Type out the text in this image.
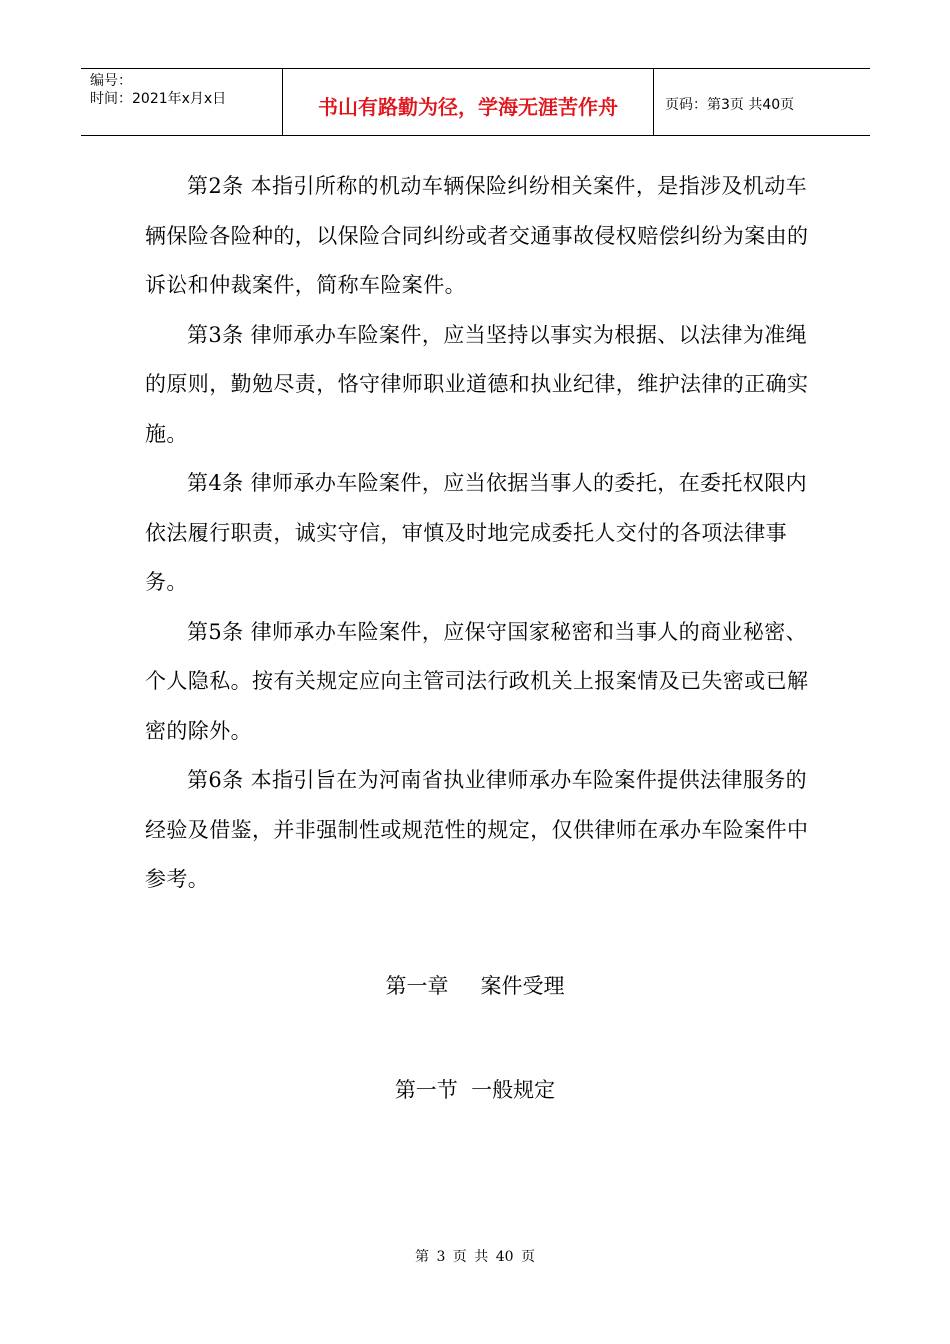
编号：
时间：2021年x月x日	书山有路勤为径，学海无涯苦作舟	页码：第3页 共40页

第2条 本指引所称的机动车辆保险纠纷相关案件，是指涉及机动车辆保险各险种的，以保险合同纠纷或者交通事故侵权赔偿纠纷为案由的诉讼和仲裁案件，简称车险案件。

第3条 律师承办车险案件，应当坚持以事实为根据、以法律为准绳的原则，勤勉尽责，恪守律师职业道德和执业纪律，维护法律的正确实施。

第4条 律师承办车险案件，应当依据当事人的委托，在委托权限内依法履行职责，诚实守信，审慎及时地完成委托人交付的各项法律事务。

第5条 律师承办车险案件，应保守国家秘密和当事人的商业秘密、个人隐私。按有关规定应向主管司法行政机关上报案情及已失密或已解密的除外。

第6条 本指引旨在为河南省执业律师承办车险案件提供法律服务的经验及借鉴，并非强制性或规范性的规定，仅供律师在承办车险案件中参考。

第一章 案件受理
第一节  一般规定
第 3 页 共 40 页
